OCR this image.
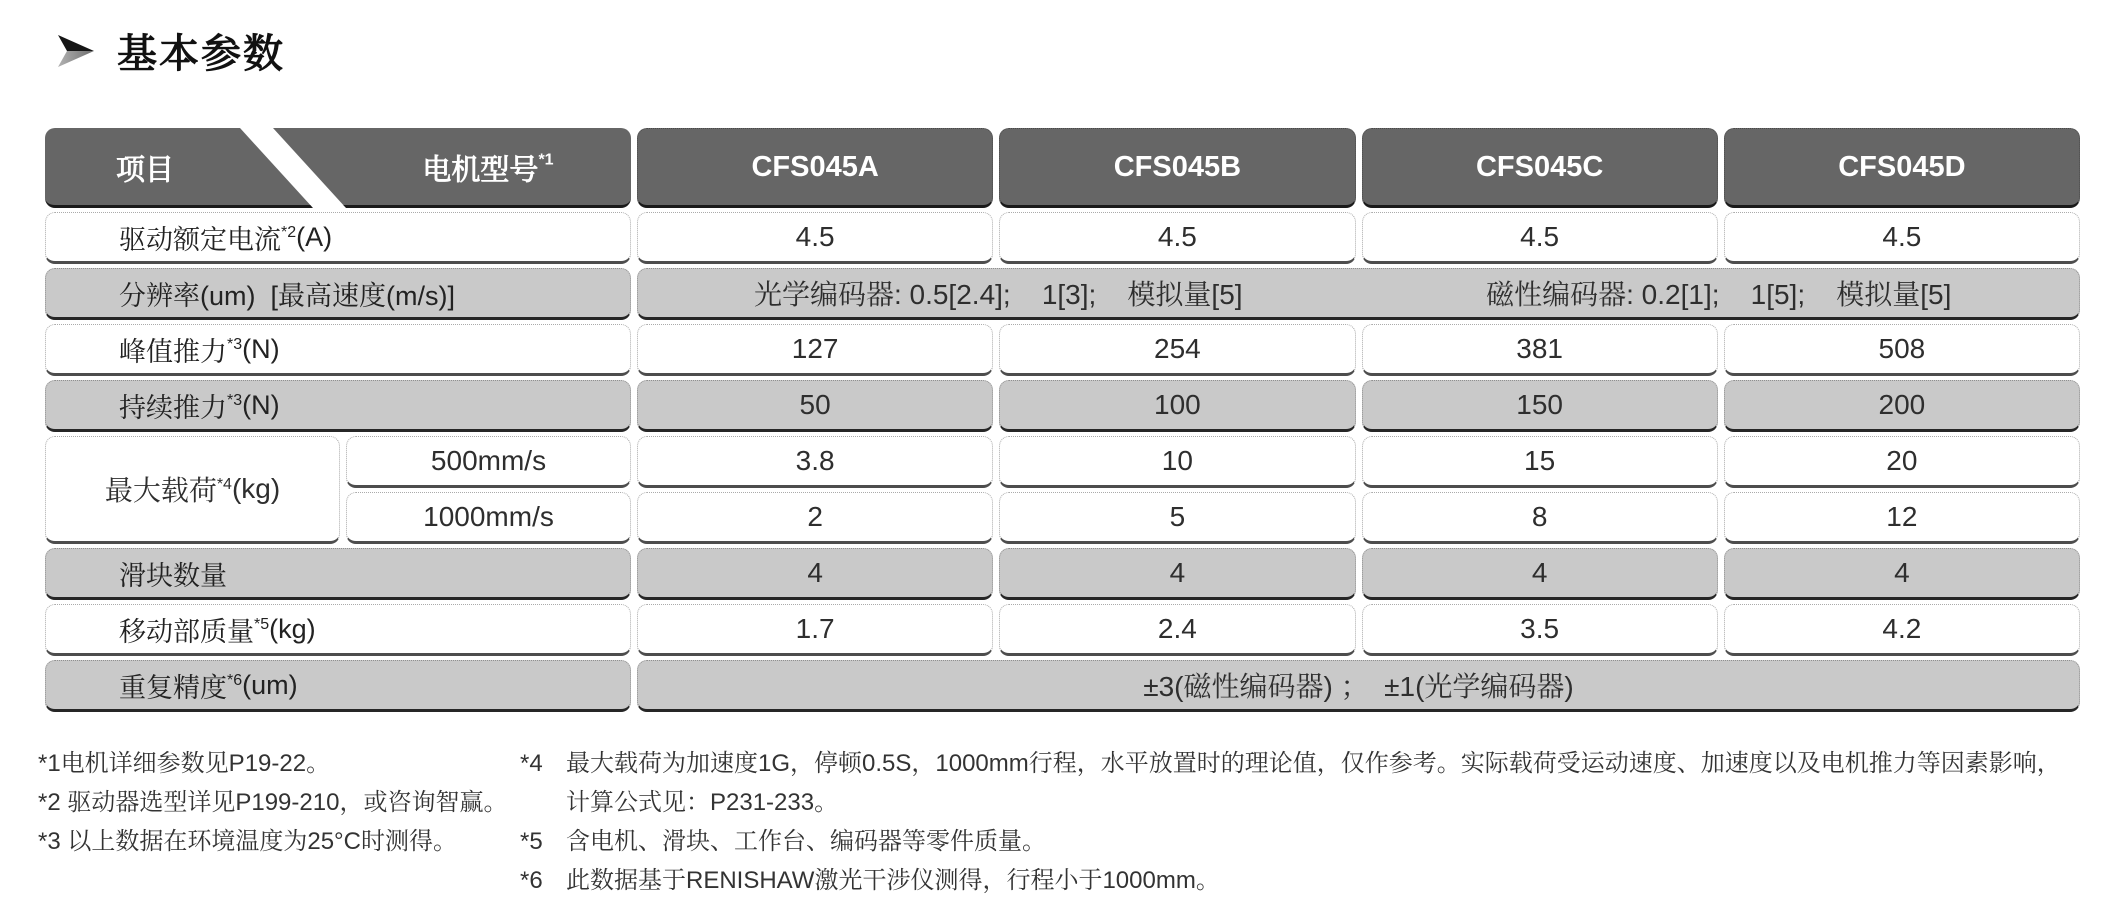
基本参数
项目	电机型号$^{*1}$	CFS045A	CFS045B	CFS045C	CFS045D
驱动额定电流$^{*2}$ (A)	4.5	4.5	4.5	4.5
分辨率(um)  [最高速度(m/s)]	光学编码器: 0.5[2.4];    1[3];    模拟量[5]	磁性编码器: 0.2[1];    1[5];    模拟量[5]
峰值推力$^{*3}$ (N)	127	254	381	508
持续推力$^{*3}$ (N)	50	100	150	200
最大载荷$^{*4}$ (kg)
500mm/s	3.8	10	15	20
1000mm/s	2	5	8	12
滑块数量	4	4	4	4
移动部质量$^{*5}$ (kg)	1.7	2.4	3.5	4.2
重复精度$^{*6}$ (um)	±3(磁性编码器) ；  ±1(光学编码器)

*1电机详细参数见P19-22。

*2 驱动器选型详见P199-210，或咨询智赢。

*3 以上数据在环境温度为25°C时测得。

*4 最大载荷为加速度1G，停顿0.5S，1000mm行程，水平放置时的理论值，仅作参考。实际载荷受运动速度、加速度以及电机推力等因素影响，计算公式见：P231-233。

*5 含电机、滑块、工作台、编码器等零件质量。

*6 此数据基于RENISHAW激光干涉仪测得，行程小于1000mm。
